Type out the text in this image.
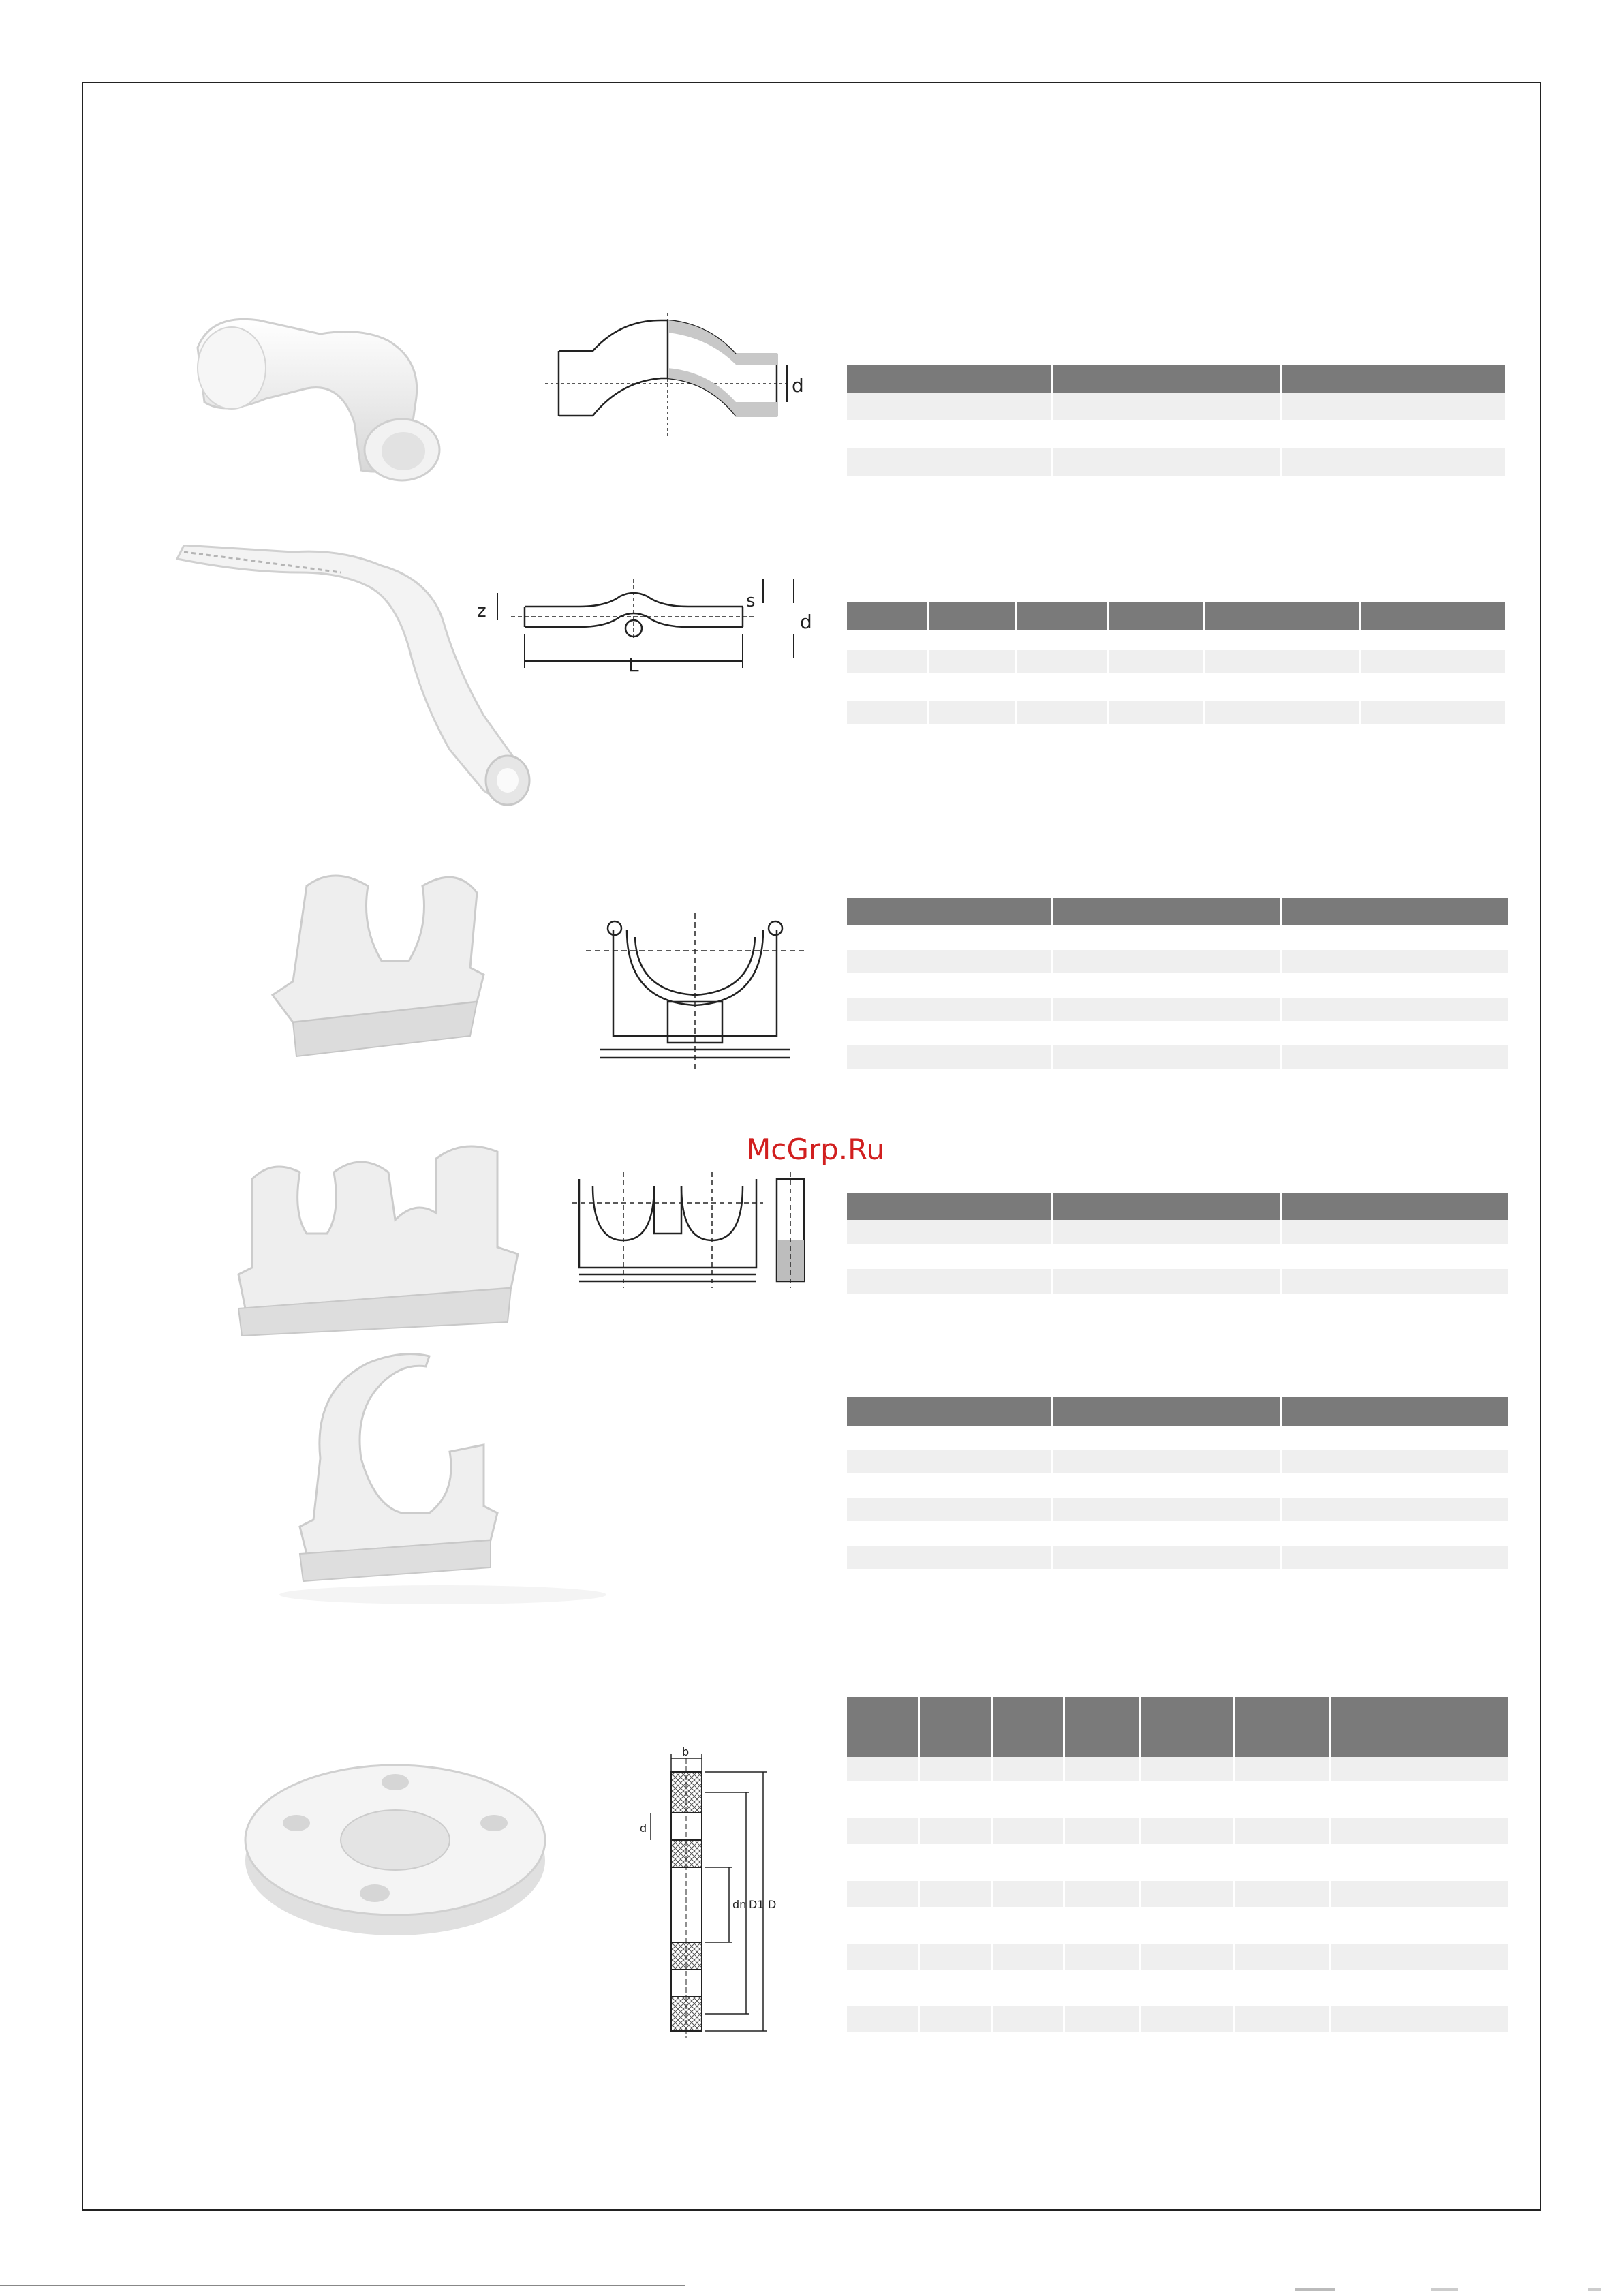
d

z	s
d
L

b
d
dn D1 D

McGrp.Ru
